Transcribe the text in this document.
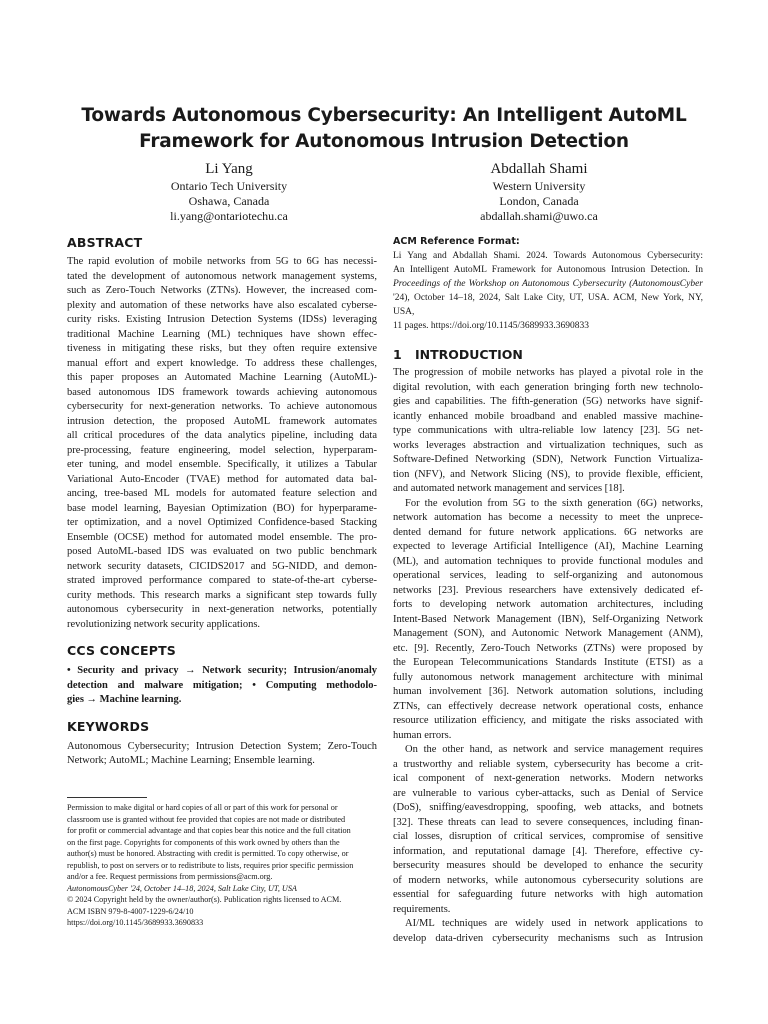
Towards Autonomous Cybersecurity: An Intelligent AutoML
Framework for Autonomous Intrusion Detection
Li Yang
Ontario Tech University
Oshawa, Canada
li.yang@ontariotechu.ca
Abdallah Shami
Western University
London, Canada
abdallah.shami@uwo.ca
ABSTRACT
The rapid evolution of mobile networks from 5G to 6G has necessi-
tated the development of autonomous network management systems,
such as Zero-Touch Networks (ZTNs). However, the increased com-
plexity and automation of these networks have also escalated cyberse-
curity risks. Existing Intrusion Detection Systems (IDSs) leveraging
traditional Machine Learning (ML) techniques have shown effec-
tiveness in mitigating these risks, but they often require extensive
manual effort and expert knowledge. To address these challenges,
this paper proposes an Automated Machine Learning (AutoML)-
based autonomous IDS framework towards achieving autonomous
cybersecurity for next-generation networks. To achieve autonomous
intrusion detection, the proposed AutoML framework automates
all critical procedures of the data analytics pipeline, including data
pre-processing, feature engineering, model selection, hyperparam-
eter tuning, and model ensemble. Specifically, it utilizes a Tabular
Variational Auto-Encoder (TVAE) method for automated data bal-
ancing, tree-based ML models for automated feature selection and
base model learning, Bayesian Optimization (BO) for hyperparame-
ter optimization, and a novel Optimized Confidence-based Stacking
Ensemble (OCSE) method for automated model ensemble. The pro-
posed AutoML-based IDS was evaluated on two public benchmark
network security datasets, CICIDS2017 and 5G-NIDD, and demon-
strated improved performance compared to state-of-the-art cyberse-
curity methods. This research marks a significant step towards fully
autonomous cybersecurity in next-generation networks, potentially
revolutionizing network security applications.
CCS CONCEPTS
• Security and privacy → Network security; Intrusion/anomaly
detection and malware mitigation; • Computing methodolo-
gies → Machine learning.
KEYWORDS
Autonomous Cybersecurity; Intrusion Detection System; Zero-Touch
Network; AutoML; Machine Learning; Ensemble learning.
Permission to make digital or hard copies of all or part of this work for personal or
classroom use is granted without fee provided that copies are not made or distributed
for profit or commercial advantage and that copies bear this notice and the full citation
on the first page. Copyrights for components of this work owned by others than the
author(s) must be honored. Abstracting with credit is permitted. To copy otherwise, or
republish, to post on servers or to redistribute to lists, requires prior specific permission
and/or a fee. Request permissions from permissions@acm.org.
AutonomousCyber '24, October 14–18, 2024, Salt Lake City, UT, USA
© 2024 Copyright held by the owner/author(s). Publication rights licensed to ACM.
ACM ISBN 979-8-4007-1229-6/24/10
https://doi.org/10.1145/3689933.3690833
ACM Reference Format:
Li Yang and Abdallah Shami. 2024. Towards Autonomous Cybersecurity:
An Intelligent AutoML Framework for Autonomous Intrusion Detection. In
Proceedings of the Workshop on Autonomous Cybersecurity (AutonomousCyber
'24), October 14–18, 2024, Salt Lake City, UT, USA. ACM, New York, NY, USA,
11 pages. https://doi.org/10.1145/3689933.3690833
1 INTRODUCTION
The progression of mobile networks has played a pivotal role in the
digital revolution, with each generation bringing forth new technolo-
gies and capabilities. The fifth-generation (5G) networks have signif-
icantly enhanced mobile broadband and enabled massive machine-
type communications with ultra-reliable low latency [23]. 5G net-
works leverages abstraction and virtualization techniques, such as
Software-Defined Networking (SDN), Network Function Virtualiza-
tion (NFV), and Network Slicing (NS), to provide flexible, efficient,
and automated network management and services [18].
For the evolution from 5G to the sixth generation (6G) networks,
network automation has become a necessity to meet the unprece-
dented demand for future network applications. 6G networks are
expected to leverage Artificial Intelligence (AI), Machine Learning
(ML), and automation techniques to provide functional modules and
operational services, leading to self-organizing and autonomous
networks [23]. Previous researchers have extensively dedicated ef-
forts to developing network automation architectures, including
Intent-Based Network Management (IBN), Self-Organizing Network
Management (SON), and Autonomic Network Management (ANM),
etc. [9]. Recently, Zero-Touch Networks (ZTNs) were proposed by
the European Telecommunications Standards Institute (ETSI) as a
fully autonomous network management architecture with minimal
human involvement [36]. Network automation solutions, including
ZTNs, can effectively decrease network operational costs, enhance
resource utilization efficiency, and mitigate the risks associated with
human errors.
On the other hand, as network and service management requires
a trustworthy and reliable system, cybersecurity has become a crit-
ical component of next-generation networks. Modern networks
are vulnerable to various cyber-attacks, such as Denial of Service
(DoS), sniffing/eavesdropping, spoofing, web attacks, and botnets
[32]. These threats can lead to severe consequences, including finan-
cial losses, disruption of critical services, compromise of sensitive
information, and reputational damage [4]. Therefore, effective cy-
bersecurity measures should be developed to enhance the security
of modern networks, while autonomous cybersecurity solutions are
essential for safeguarding future networks with high automation
requirements.
AI/ML techniques are widely used in network applications to
develop data-driven cybersecurity mechanisms such as Intrusion
